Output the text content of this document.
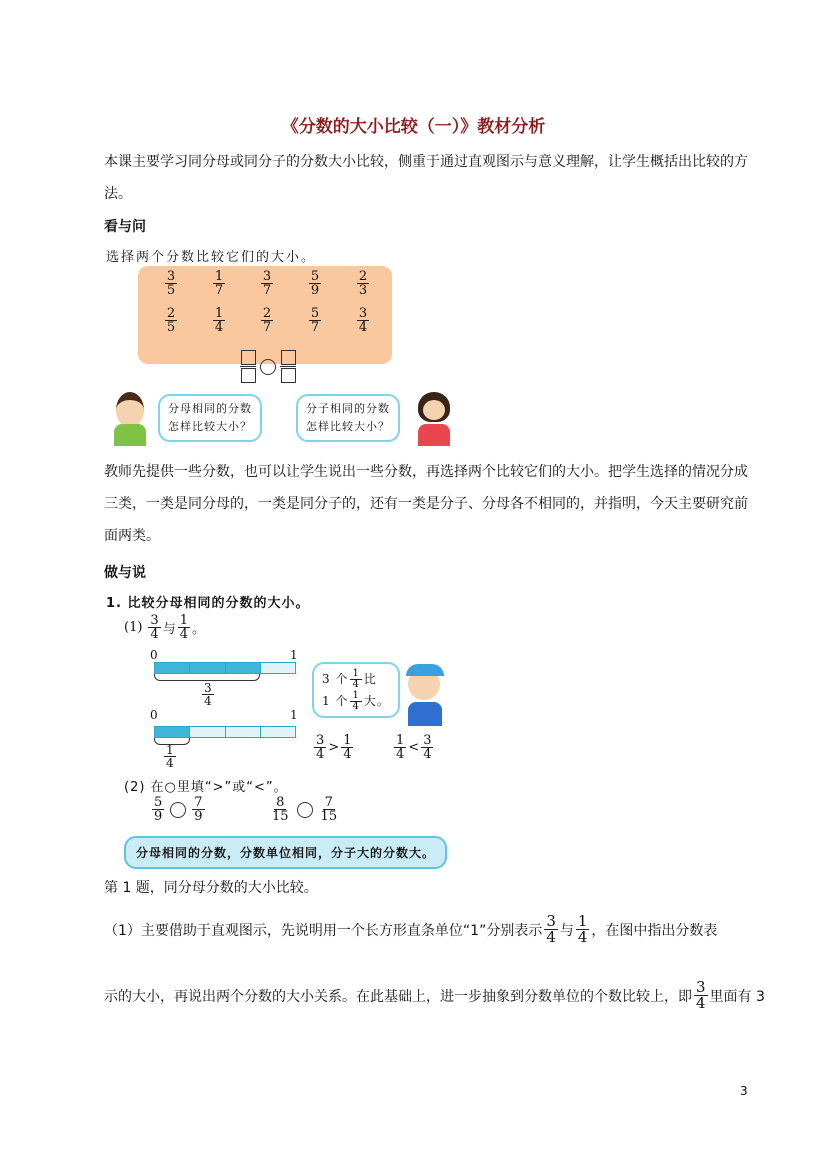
《分数的大小比较（一）》教材分析
本课主要学习同分母或同分子的分数大小比较，侧重于通过直观图示与意义理解，让学生概括出比较的方法。
看与问
选择两个分数比较它们的大小。
$\frac{3}{5}$	$\frac{1}{7}$	$\frac{3}{7}$	$\frac{5}{9}$	$\frac{2}{3}$
$\frac{2}{5}$	$\frac{1}{4}$	$\frac{2}{7}$	$\frac{5}{7}$	$\frac{3}{4}$
分母相同的分数
怎样比较大小？
分子相同的分数
怎样比较大小？
教师先提供一些分数，也可以让学生说出一些分数，再选择两个比较它们的大小。把学生选择的情况分成三类，一类是同分母的，一类是同分子的，还有一类是分子、分母各不相同的，并指明，今天主要研究前面两类。
做与说
1. 比较分母相同的分数的大小。
$(1) \frac{3}{4}$ 与 $\frac{1}{4}$ 。
0	1
$\frac{3}{4}$
0	1
$\frac{1}{4}$
3 个 $\frac{1}{4}$ 比
1 个 $\frac{1}{4}$ 大。
$\frac{3}{4} > \frac{1}{4}$	$\frac{1}{4} < \frac{3}{4}$
(2) 在○里填“>”或“<”。
$\frac{5}{9} \frac{7}{9}$	$\frac{8}{15} \frac{7}{15}$
分母相同的分数，分数单位相同，分子大的分数大。
第 1 题，同分母分数的大小比较。
（1）主要借助于直观图示，先说明用一个长方形直条单位“1”分别表示 $\frac{3}{4}$ 与 $\frac{1}{4}$ ，在图中指出分数表
示的大小，再说出两个分数的大小关系。在此基础上，进一步抽象到分数单位的个数比较上，即 $\frac{3}{4}$ 里面有 3
3
